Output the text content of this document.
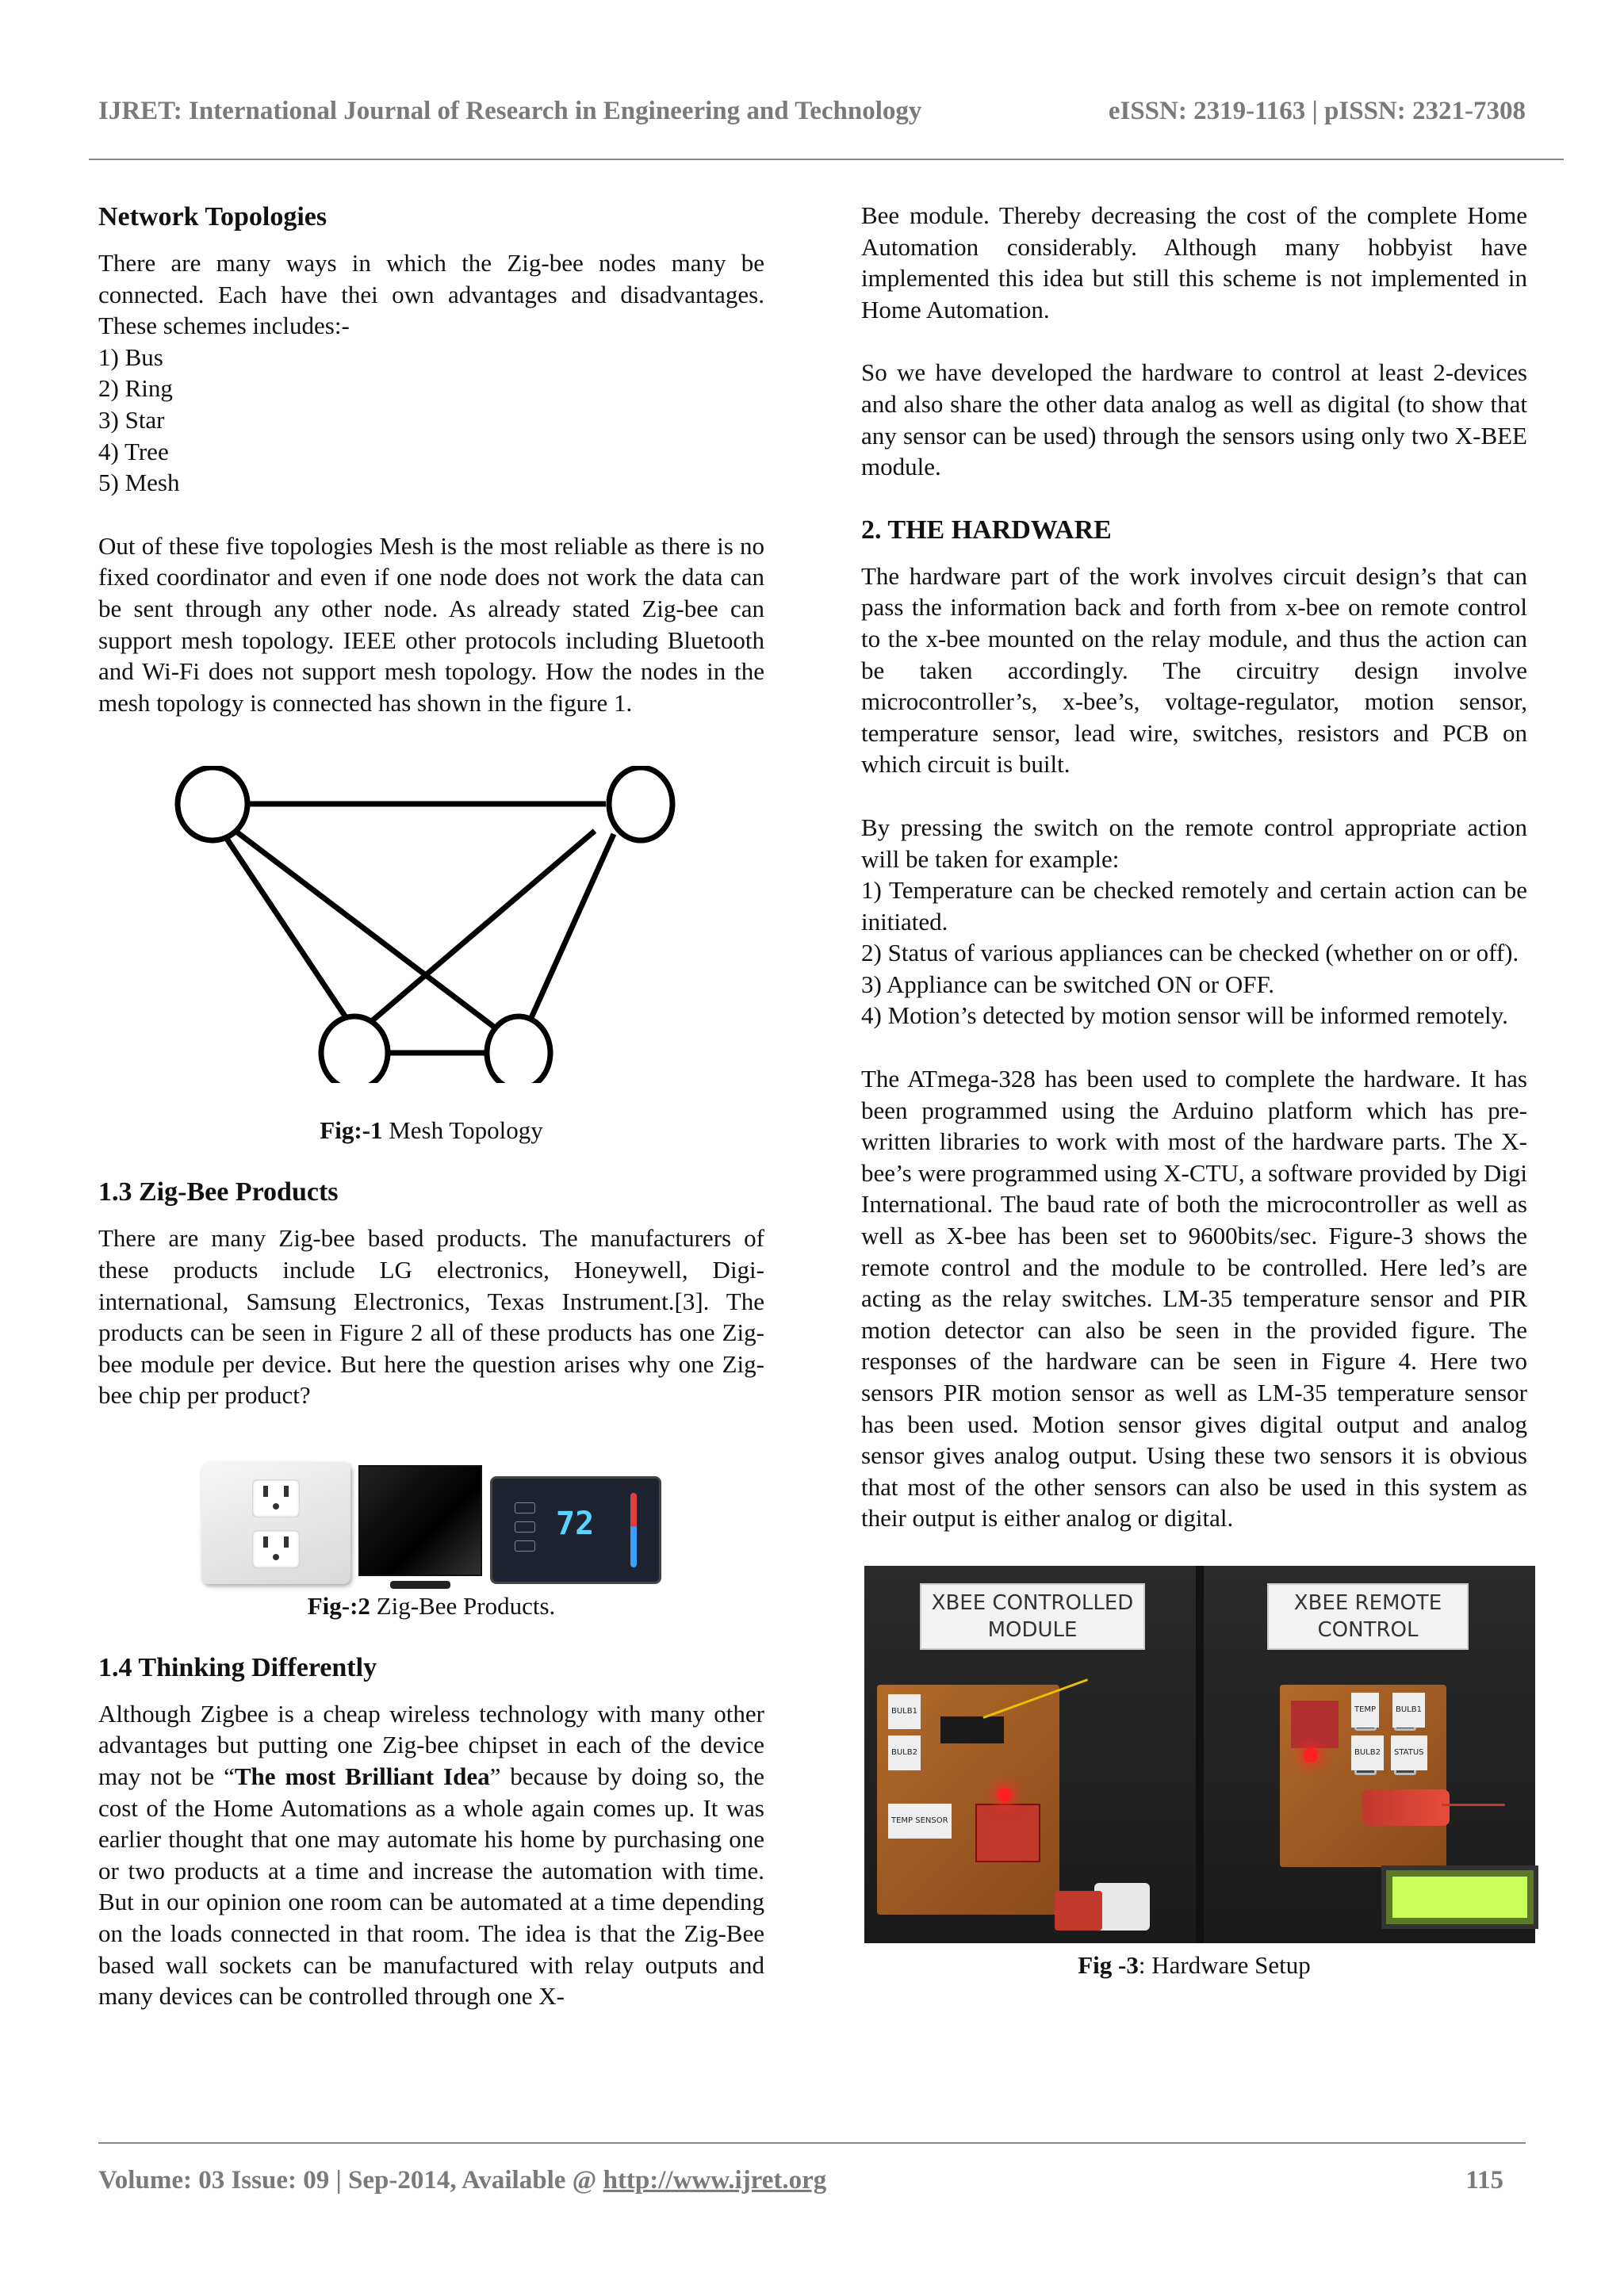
IJRET: International Journal of Research in Engineering and Technology	eISSN: 2319-1163 | pISSN: 2321-7308
Network Topologies

There are many ways in which the Zig-bee nodes many be connected. Each have thei own advantages and disadvantages. These schemes includes:-

1) Bus

2) Ring

3) Star

4) Tree

5) Mesh

Out of these five topologies Mesh is the most reliable as there is no fixed coordinator and even if one node does not work the data can be sent through any other node. As already stated Zig-bee can support mesh topology. IEEE other protocols including Bluetooth and Wi-Fi does not support mesh topology. How the nodes in the mesh topology is connected has shown in the figure 1.

Fig:-1 Mesh Topology
1.3 Zig-Bee Products

There are many Zig-bee based products. The manufacturers of these products include LG electronics, Honeywell, Digi-international, Samsung Electronics, Texas Instrument.[3]. The products can be seen in Figure 2 all of these products has one Zig-bee module per device. But here the question arises why one Zig-bee chip per product?

72
Fig-:2 Zig-Bee Products.
1.4 Thinking Differently

Although Zigbee is a cheap wireless technology with many other advantages but putting one Zig-bee chipset in each of the device may not be “The most Brilliant Idea” because by doing so, the cost of the Home Automations as a whole again comes up. It was earlier thought that one may automate his home by purchasing one or two products at a time and increase the automation with time. But in our opinion one room can be automated at a time depending on the loads connected in that room. The idea is that the Zig-Bee based wall sockets can be manufactured with relay outputs and many devices can be controlled through one X-

Bee module. Thereby decreasing the cost of the complete Home Automation considerably. Although many hobbyist have implemented this idea but still this scheme is not implemented in Home Automation.

So we have developed the hardware to control at least 2-devices and also share the other data analog as well as digital (to show that any sensor can be used) through the sensors using only two X-BEE module.

2. THE HARDWARE

The hardware part of the work involves circuit design’s that can pass the information back and forth from x-bee on remote control to the x-bee mounted on the relay module, and thus the action can be taken accordingly. The circuitry design involve microcontroller’s, x-bee’s, voltage-regulator, motion sensor, temperature sensor, lead wire, switches, resistors and PCB on which circuit is built.

By pressing the switch on the remote control appropriate action will be taken for example:

1) Temperature can be checked remotely and certain action can be initiated.

2) Status of various appliances can be checked (whether on or off).

3) Appliance can be switched ON or OFF.

4) Motion’s detected by motion sensor will be informed remotely.

The ATmega-328 has been used to complete the hardware. It has been programmed using the Arduino platform which has pre-written libraries to work with most of the hardware parts. The X-bee’s were programmed using X-CTU, a software provided by Digi International. The baud rate of both the microcontroller as well as well as X-bee has been set to 9600bits/sec. Figure-3 shows the remote control and the module to be controlled. Here led’s are acting as the relay switches. LM-35 temperature sensor and PIR motion detector can also be seen in the provided figure. The responses of the hardware can be seen in Figure 4. Here two sensors PIR motion sensor as well as LM-35 temperature sensor has been used. Motion sensor gives digital output and analog sensor gives analog output. Using these two sensors it is obvious that most of the other sensors can also be used in this system as their output is either analog or digital.

XBEE CONTROLLED
MODULE
BULB1
BULB2
TEMP SENSOR
XBEE REMOTE
CONTROL
TEMP	BULB1
BULB2	STATUS
Fig -3: Hardware Setup
Volume: 03 Issue: 09 | Sep-2014, Available @ http://www.ijret.org	115
